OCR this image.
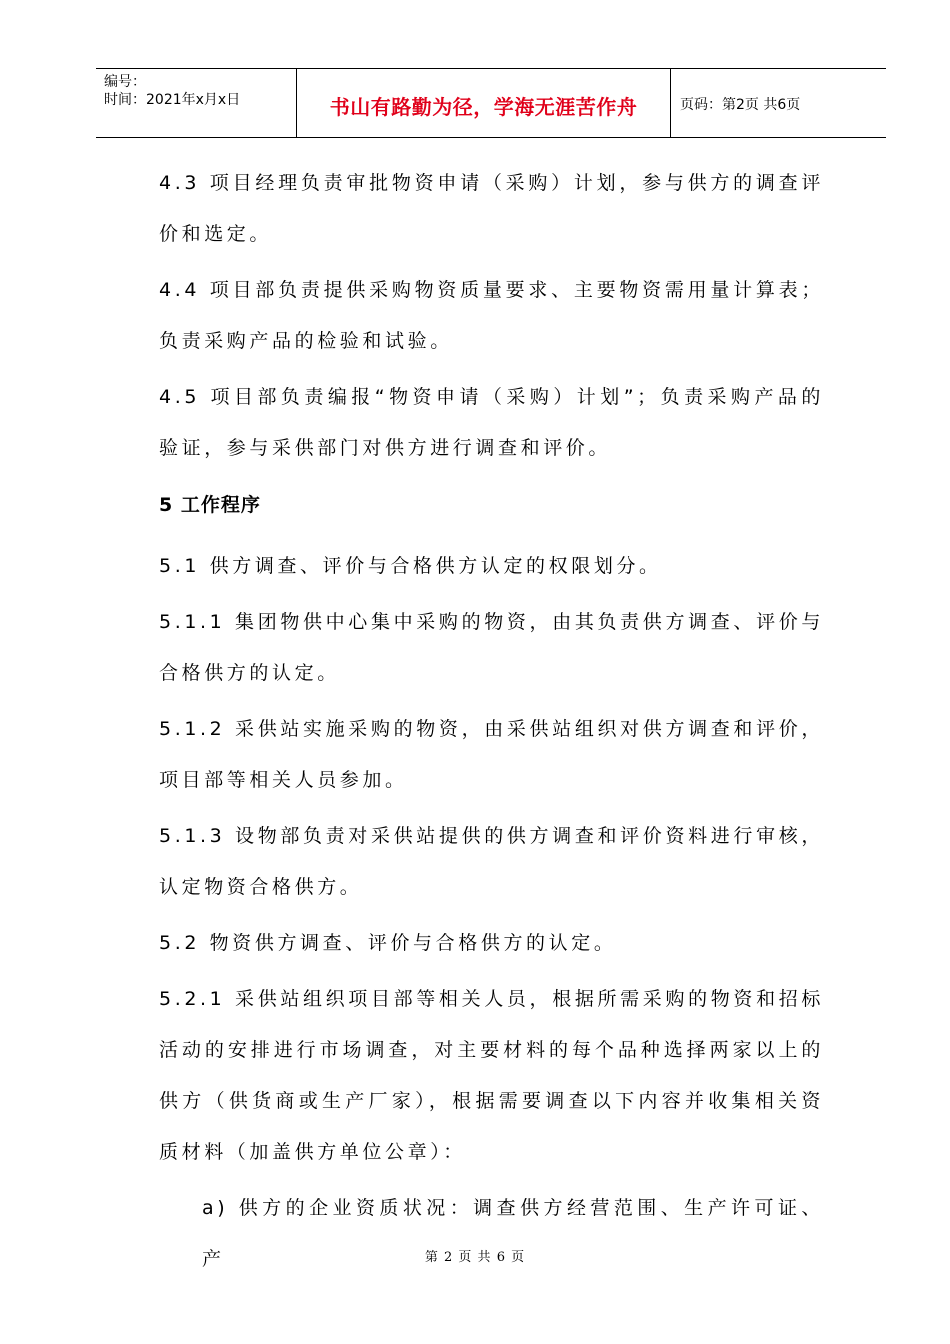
编号：
时间：2021年x月x日	书山有路勤为径，学海无涯苦作舟	页码：第2页 共6页

4.3 项目经理负责审批物资申请（采购）计划，参与供方的调查评价和选定。

4.4 项目部负责提供采购物资质量要求、主要物资需用量计算表；负责采购产品的检验和试验。

4.5 项目部负责编报“物资申请（采购）计划”；负责采购产品的验证，参与采供部门对供方进行调查和评价。

5 工作程序

5.1 供方调查、评价与合格供方认定的权限划分。

5.1.1 集团物供中心集中采购的物资，由其负责供方调查、评价与合格供方的认定。

5.1.2 采供站实施采购的物资，由采供站组织对供方调查和评价，项目部等相关人员参加。

5.1.3 设物部负责对采供站提供的供方调查和评价资料进行审核，认定物资合格供方。

5.2 物资供方调查、评价与合格供方的认定。

5.2.1 采供站组织项目部等相关人员，根据所需采购的物资和招标活动的安排进行市场调查，对主要材料的每个品种选择两家以上的供方（供货商或生产厂家），根据需要调查以下内容并收集相关资质材料（加盖供方单位公章）：

a) 供方的企业资质状况：调查供方经营范围、生产许可证、产	第 2 页 共 6 页
